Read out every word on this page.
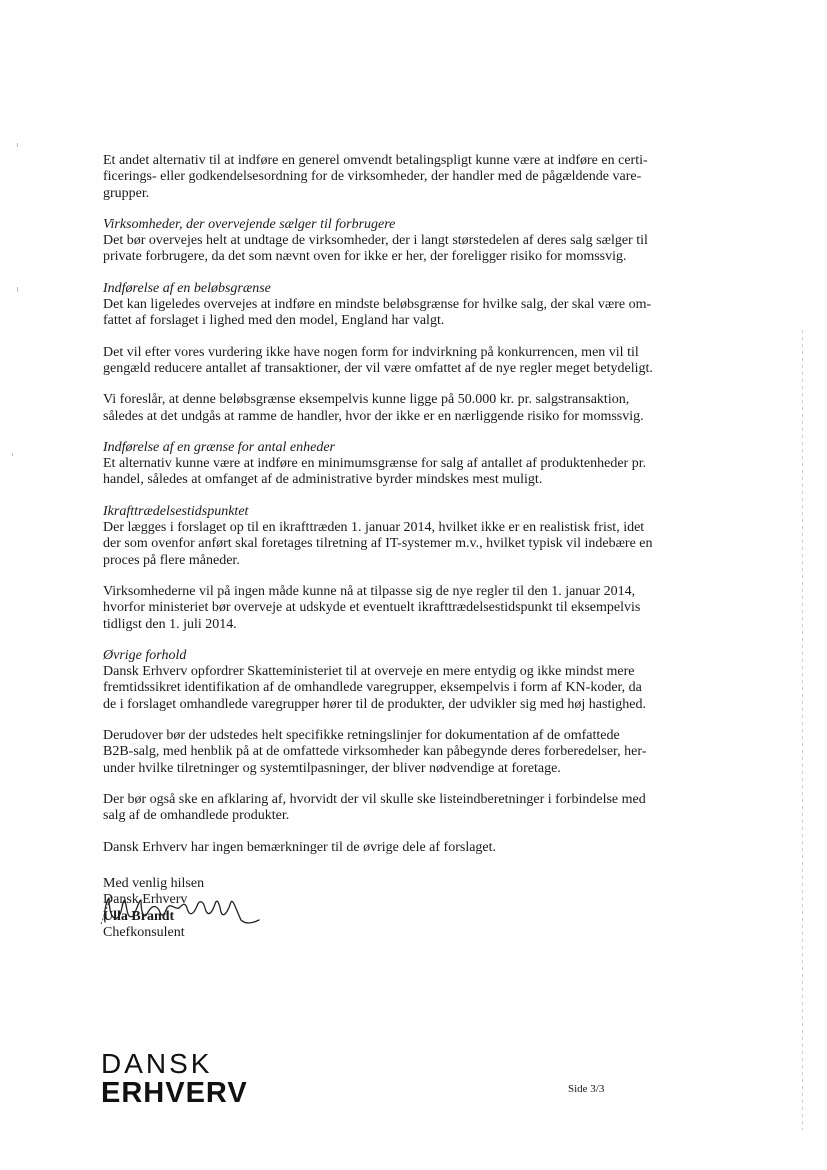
Et andet alternativ til at indføre en generel omvendt betalingspligt kunne være at indføre en certi-
ficerings- eller godkendelsesordning for de virksomheder, der handler med de pågældende vare-
grupper.
Virksomheder, der overvejende sælger til forbrugere
Det bør overvejes helt at undtage de virksomheder, der i langt størstedelen af deres salg sælger til
private forbrugere, da det som nævnt oven for ikke er her, der foreligger risiko for momssvig.
Indførelse af en beløbsgrænse
Det kan ligeledes overvejes at indføre en mindste beløbsgrænse for hvilke salg, der skal være om-
fattet af forslaget i lighed med den model, England har valgt.
Det vil efter vores vurdering ikke have nogen form for indvirkning på konkurrencen, men vil til
gengæld reducere antallet af transaktioner, der vil være omfattet af de nye regler meget betydeligt.
Vi foreslår, at denne beløbsgrænse eksempelvis kunne ligge på 50.000 kr. pr. salgstransaktion,
således at det undgås at ramme de handler, hvor der ikke er en nærliggende risiko for momssvig.
Indførelse af en grænse for antal enheder
Et alternativ kunne være at indføre en minimumsgrænse for salg af antallet af produktenheder pr.
handel, således at omfanget af de administrative byrder mindskes mest muligt.
Ikrafttrædelsestidspunktet
Der lægges i forslaget op til en ikrafttræden 1. januar 2014, hvilket ikke er en realistisk frist, idet
der som ovenfor anført skal foretages tilretning af IT-systemer m.v., hvilket typisk vil indebære en
proces på flere måneder.
Virksomhederne vil på ingen måde kunne nå at tilpasse sig de nye regler til den 1. januar 2014,
hvorfor ministeriet bør overveje at udskyde et eventuelt ikrafttrædelsestidspunkt til eksempelvis
tidligst den 1. juli 2014.
Øvrige forhold
Dansk Erhverv opfordrer Skatteministeriet til at overveje en mere entydig og ikke mindst mere
fremtidssikret identifikation af de omhandlede varegrupper, eksempelvis i form af KN-koder, da
de i forslaget omhandlede varegrupper hører til de produkter, der udvikler sig med høj hastighed.
Derudover bør der udstedes helt specifikke retningslinjer for dokumentation af de omfattede
B2B-salg, med henblik på at de omfattede virksomheder kan påbegynde deres forberedelser, her-
under hvilke tilretninger og systemtilpasninger, der bliver nødvendige at foretage.
Der bør også ske en afklaring af, hvorvidt der vil skulle ske listeindberetninger i forbindelse med
salg af de omhandlede produkter.
Dansk Erhverv har ingen bemærkninger til de øvrige dele af forslaget.
Med venlig hilsen
Dansk Erhverv
Ulla Brandt
Chefkonsulent
DANSK
ERHVERV	Side 3/3
